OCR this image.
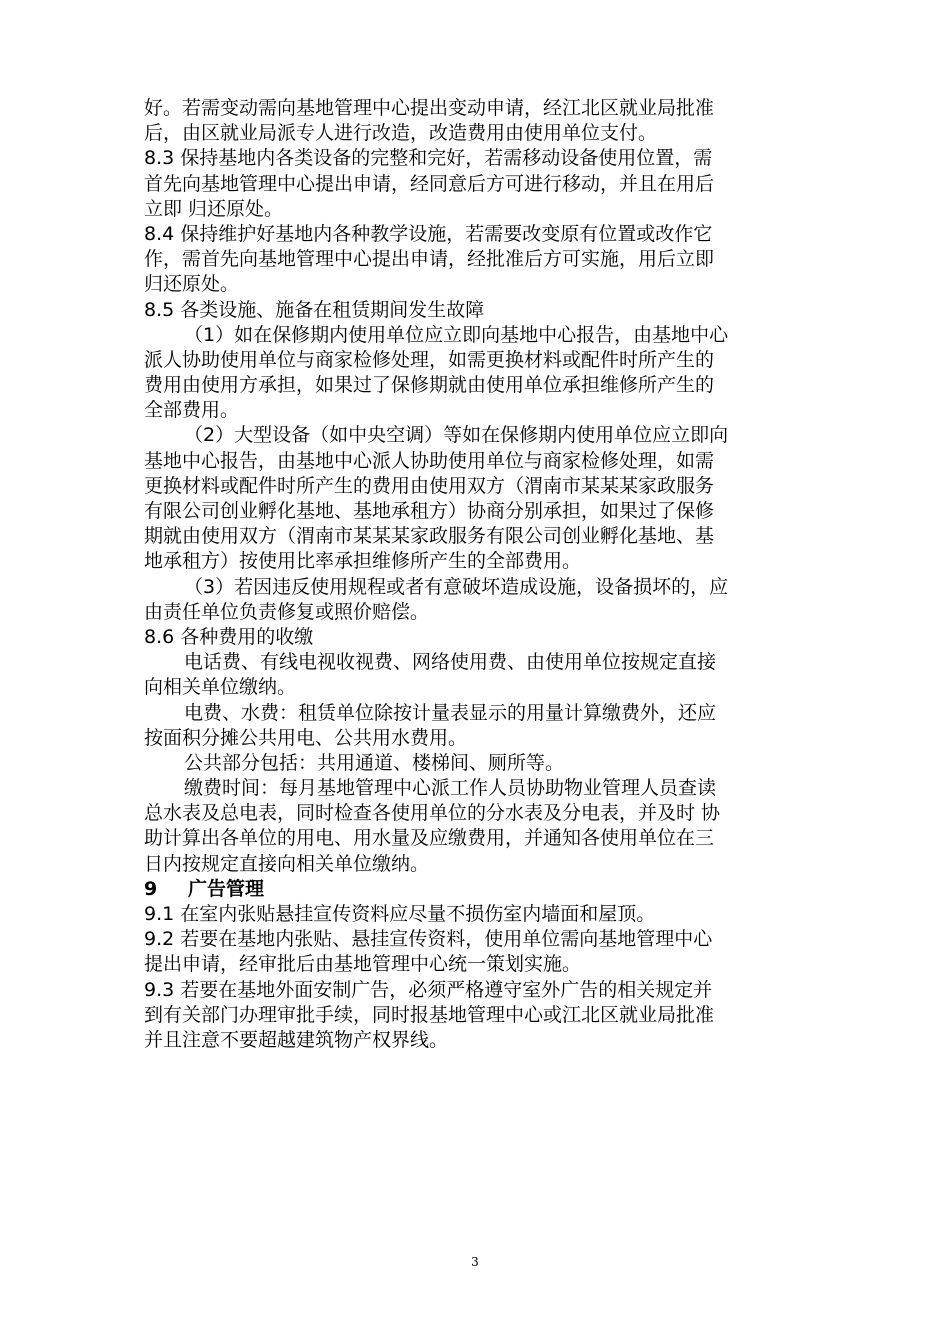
好。若需变动需向基地管理中心提出变动申请，经江北区就业局批准
后，由区就业局派专人进行改造，改造费用由使用单位支付。
8.3 保持基地内各类设备的完整和完好，若需移动设备使用位置，需
首先向基地管理中心提出申请，经同意后方可进行移动，并且在用后
立即 归还原处。
8.4 保持维护好基地内各种教学设施，若需要改变原有位置或改作它
作，需首先向基地管理中心提出申请，经批准后方可实施，用后立即
归还原处。
8.5 各类设施、施备在租赁期间发生故障
（1）如在保修期内使用单位应立即向基地中心报告，由基地中心
派人协助使用单位与商家检修处理，如需更换材料或配件时所产生的
费用由使用方承担，如果过了保修期就由使用单位承担维修所产生的
全部费用。
（2）大型设备（如中央空调）等如在保修期内使用单位应立即向
基地中心报告，由基地中心派人协助使用单位与商家检修处理，如需
更换材料或配件时所产生的费用由使用双方（渭南市某某某家政服务
有限公司创业孵化基地、基地承租方）协商分别承担，如果过了保修
期就由使用双方（渭南市某某某家政服务有限公司创业孵化基地、基
地承租方）按使用比率承担维修所产生的全部费用。
（3）若因违反使用规程或者有意破坏造成设施，设备损坏的，应
由责任单位负责修复或照价赔偿。
8.6 各种费用的收缴
电话费、有线电视收视费、网络使用费、由使用单位按规定直接
向相关单位缴纳。
电费、水费：租赁单位除按计量表显示的用量计算缴费外，还应
按面积分摊公共用电、公共用水费用。
公共部分包括：共用通道、楼梯间、厕所等。
缴费时间：每月基地管理中心派工作人员协助物业管理人员查读
总水表及总电表，同时检查各使用单位的分水表及分电表，并及时 协
助计算出各单位的用电、用水量及应缴费用，并通知各使用单位在三
日内按规定直接向相关单位缴纳。
9 广告管理
9.1 在室内张贴悬挂宣传资料应尽量不损伤室内墙面和屋顶。
9.2 若要在基地内张贴、悬挂宣传资料，使用单位需向基地管理中心
提出申请，经审批后由基地管理中心统一策划实施。
9.3 若要在基地外面安制广告，必须严格遵守室外广告的相关规定并
到有关部门办理审批手续，同时报基地管理中心或江北区就业局批准
并且注意不要超越建筑物产权界线。
3
